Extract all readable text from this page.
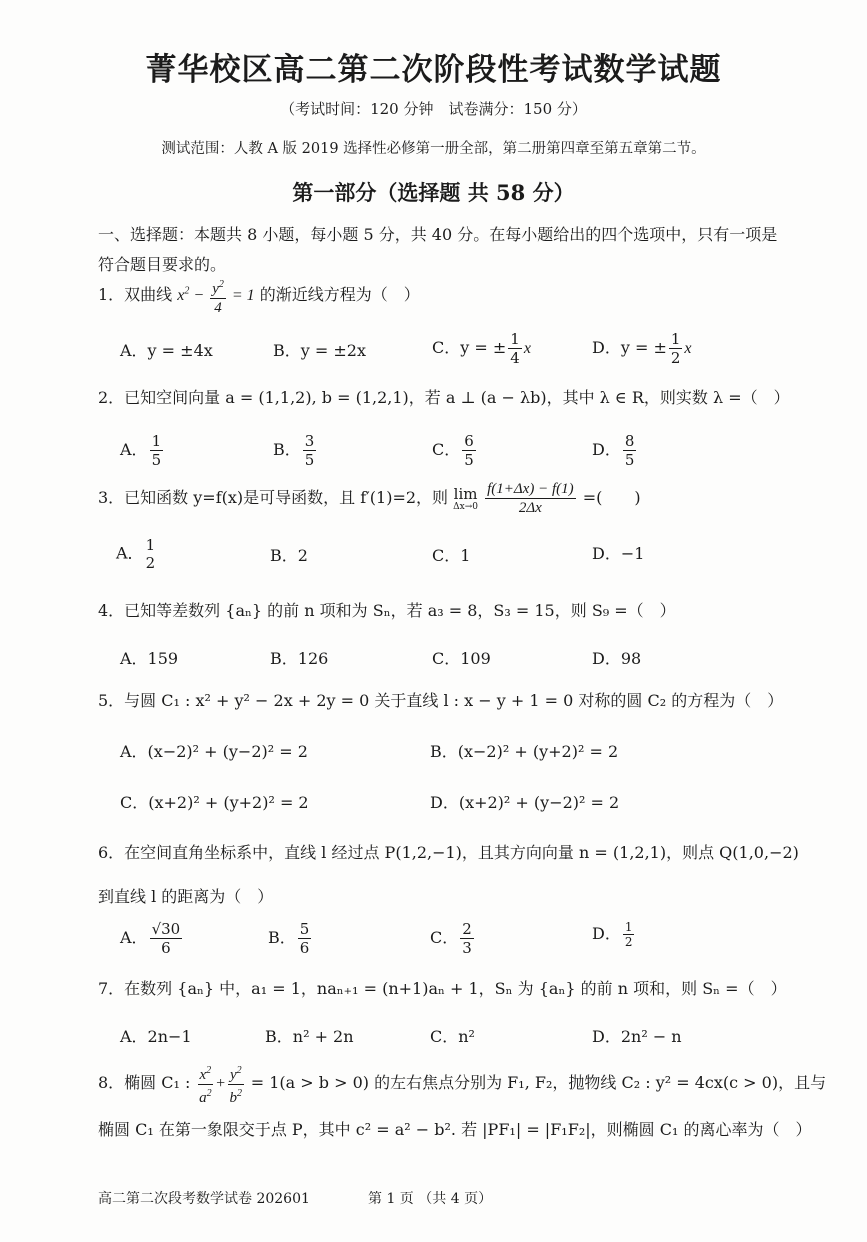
菁华校区高二第二次阶段性考试数学试题
（考试时间：120 分钟　试卷满分：150 分）
测试范围：人教 A 版 2019 选择性必修第一册全部，第二册第四章至第五章第二节。
第一部分（选择题 共 58 分）
一、选择题：本题共 8 小题，每小题 5 分，共 40 分。在每小题给出的四个选项中，只有一项是符合题目要求的。
1．双曲线 $x^2 - \frac{y^2}{4} = 1$ 的渐近线方程为（　）
A．y = ±4x	B．y = ±2x	C．y = ± $\frac{1}{4}$ x	D．y = ± $\frac{1}{2}$ x
2．已知空间向量 a = (1,1,2), b = (1,2,1)，若 a ⊥ (a − λb)，其中 λ ∈ R，则实数 λ =（　）
A． $\frac{1}{5}$	B． $\frac{3}{5}$	C． $\frac{6}{5}$	D． $\frac{8}{5}$
3．已知函数 y=f(x)是可导函数，且 f′(1)=2，则 lim
Δx→0
$\frac{f(1+\Delta x) - f(1)}{2\Delta x}$ =(　　)
A． 1
2	B．2	C．1	D．−1
4．已知等差数列 {aₙ} 的前 n 项和为 Sₙ，若 a₃ = 8，S₃ = 15，则 S₉ =（　）
A．159	B．126	C．109	D．98
5．与圆 C₁ : x² + y² − 2x + 2y = 0 关于直线 l : x − y + 1 = 0 对称的圆 C₂ 的方程为（　）
A．(x−2)² + (y−2)² = 2	B．(x−2)² + (y+2)² = 2
C．(x+2)² + (y+2)² = 2	D．(x+2)² + (y−2)² = 2
6．在空间直角坐标系中，直线 l 经过点 P(1,2,−1)，且其方向向量 n = (1,2,1)，则点 Q(1,0,−2)
到直线 l 的距离为（　）
A． $\frac{√30}{6}$	B． $\frac{5}{6}$	C． $\frac{2}{3}$	D． $\frac{1}{2}$
7．在数列 {aₙ} 中，a₁ = 1，naₙ₊₁ = (n+1)aₙ + 1，Sₙ 为 {aₙ} 的前 n 项和，则 Sₙ =（　）
A．2n−1	B．n² + 2n	C．n²	D．2n² − n
8．椭圆 C₁ : $\frac{x^2}{a^2} + \frac{y^2}{b^2} = 1(a > b > 0)$ 的左右焦点分别为 F₁, F₂，抛物线 C₂ : y² = 4cx(c > 0)，且与
椭圆 C₁ 在第一象限交于点 P，其中 c² = a² − b². 若 |PF₁| = |F₁F₂|，则椭圆 C₁ 的离心率为（　）
高二第二次段考数学试卷 202601	第 1 页 （共 4 页）
